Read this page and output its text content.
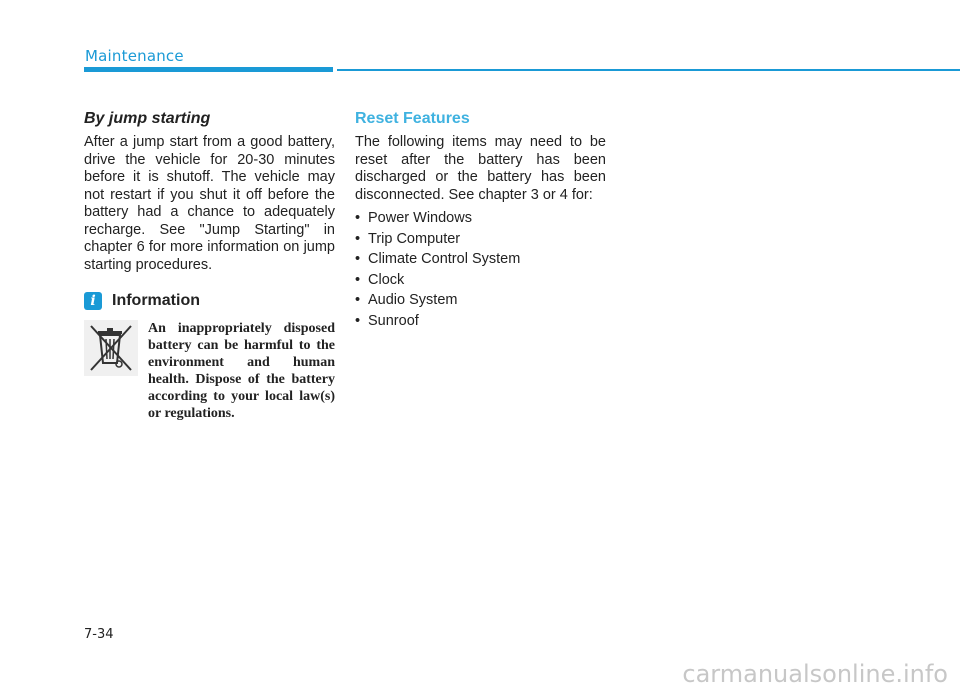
Maintenance
By jump starting

After a jump start from a good battery, drive the vehicle for 20-30 minutes before it is shutoff. The vehicle may not restart if you shut it off before the battery had a chance to adequately recharge. See "Jump Starting" in chapter 6 for more information on jump starting procedures.

i	Information

An inappropriately disposed battery can be harmful to the environment and human health. Dispose of the battery according to your local law(s) or regulations.

Reset Features

The following items may need to be reset after the battery has been discharged or the battery has been disconnected. See chapter 3 or 4 for:

• Power Windows
• Trip Computer
• Climate Control System
• Clock
• Audio System
• Sunroof
7-34
carmanualsonline.info
